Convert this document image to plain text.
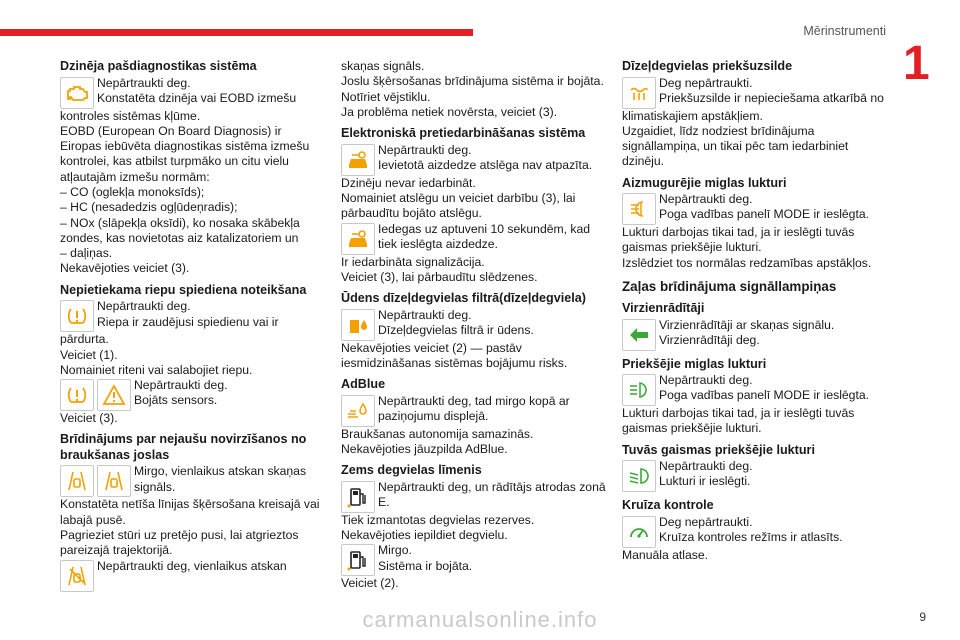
Mērinstrumenti
1
Dzinēja pašdiagnostikas sistēma

Nepārtraukti deg.

Konstatēta dzinēja vai EOBD izmešu

kontroles sistēmas kļūme.

EOBD (European On Board Diagnosis) ir

Eiropas iebūvēta diagnostikas sistēma izmešu

kontrolei, kas atbilst turpmāko un citu vielu

atļautajām izmešu normām:

– CO (oglekļa monoksīds);

– HC (nesadedzis ogļūdeņradis);

– NOx (slāpekļa oksīdi), ko nosaka skābekļa

zondes, kas novietotas aiz katalizatoriem un

– daļiņas.

Nekavējoties veiciet (3).

Nepietiekama riepu spiediena noteikšana

Nepārtraukti deg.

Riepa ir zaudējusi spiedienu vai ir

pārdurta.

Veiciet (1).

Nomainiet riteni vai salabojiet riepu.

Nepārtraukti deg.

Bojāts sensors.

Veiciet (3).

Brīdinājums par nejaušu novirzīšanos no
braukšanas joslas

Mirgo, vienlaikus atskan skaņas

signāls.

Konstatēta netīša līnijas šķērsošana kreisajā vai

labajā pusē.

Pagrieziet stūri uz pretējo pusi, lai atgrieztos

pareizajā trajektorijā.

Nepārtraukti deg, vienlaikus atskan

skaņas signāls.

Joslu šķērsošanas brīdinājuma sistēma ir bojāta.

Notīriet vējstiklu.

Ja problēma netiek novērsta, veiciet (3).

Elektroniskā pretiedarbināšanas sistēma

Nepārtraukti deg.

Ievietotā aizdedze atslēga nav atpazīta.

Dzinēju nevar iedarbināt.

Nomainiet atslēgu un veiciet darbību (3), lai

pārbaudītu bojāto atslēgu.

Iedegas uz aptuveni 10 sekundēm, kad

tiek ieslēgta aizdedze.

Ir iedarbināta signalizācija.

Veiciet (3), lai pārbaudītu slēdzenes.

Ūdens dīzeļdegvielas filtrā(dīzeļdegviela)

Nepārtraukti deg.

Dīzeļdegvielas filtrā ir ūdens.

Nekavējoties veiciet (2) — pastāv

iesmidzināšanas sistēmas bojājumu risks.

AdBlue

Nepārtraukti deg, tad mirgo kopā ar

paziņojumu displejā.

Braukšanas autonomija samazinās.

Nekavējoties jāuzpilda AdBlue.

Zems degvielas līmenis

Nepārtraukti deg, un rādītājs atrodas zonā

E.

Tiek izmantotas degvielas rezerves.

Nekavējoties iepildiet degvielu.

Mirgo.

Sistēma ir bojāta.

Veiciet (2).

Dīzeļdegvielas priekšuzsilde

Deg nepārtraukti.

Priekšuzsilde ir nepieciešama atkarībā no

klimatiskajiem apstākļiem.

Uzgaidiet, līdz nodziest brīdinājuma

signāllampiņa, un tikai pēc tam iedarbiniet

dzinēju.

Aizmugurējie miglas lukturi

Nepārtraukti deg.

Poga vadības panelī MODE ir ieslēgta.

Lukturi darbojas tikai tad, ja ir ieslēgti tuvās

gaismas priekšējie lukturi.

Izslēdziet tos normālas redzamības apstākļos.

Zaļas brīdinājuma signāllampiņas
Virzienrādītāji

Virzienrādītāji ar skaņas signālu.

Virzienrādītāji deg.

Priekšējie miglas lukturi

Nepārtraukti deg.

Poga vadības panelī MODE ir ieslēgta.

Lukturi darbojas tikai tad, ja ir ieslēgti tuvās

gaismas priekšējie lukturi.

Tuvās gaismas priekšējie lukturi

Nepārtraukti deg.

Lukturi ir ieslēgti.

Kruīza kontrole

Deg nepārtraukti.

Kruīza kontroles režīms ir atlasīts.

Manuāla atlase.

carmanualsonline.info	9
